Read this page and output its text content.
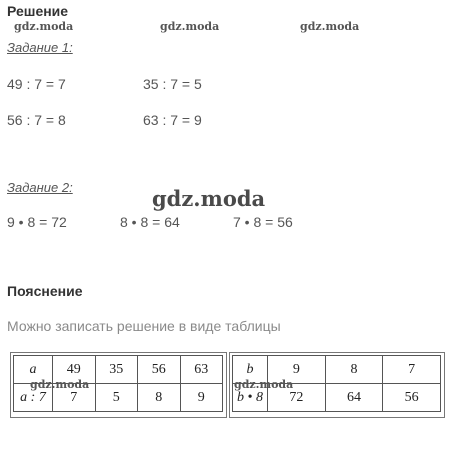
Решение
gdz.moda	gdz.moda	gdz.moda
Задание 1:
49 : 7 = 7	35 : 7 = 5
56 : 7 = 8	63 : 7 = 9
Задание 2:	gdz.moda
9 • 8 = 72	8 • 8 = 64	7 • 8 = 56
Пояснение
Можно записать решение в виде таблицы
a	49	35	56	63
a : 7	7	5	8	9
gdz.moda
b	9	8	7
b • 8	72	64	56
gdz.moda
